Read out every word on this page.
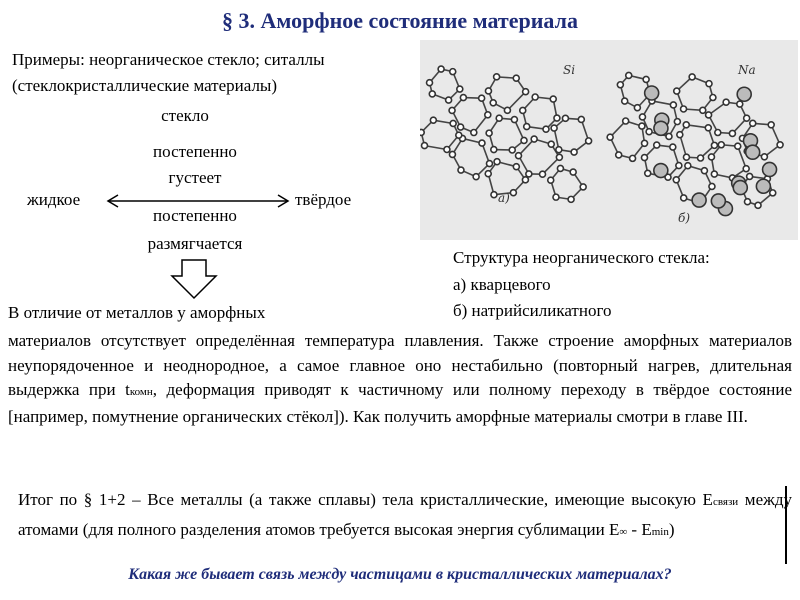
§ 3. Аморфное состояние материала
Примеры: неорганическое стекло; ситаллы
(стеклокристаллические материалы)
стекло
постепенно
густеет
жидкое	твёрдое
постепенно
размягчается
Si	Na
а)
б)
Структура неорганического стекла:
а) кварцевого
б) натрийсиликатного
В отличие от металлов у аморфных
материалов отсутствует определённая температура плавления. Также строение аморфных материалов неупорядоченное и неоднородное, а самое главное оно нестабильно (повторный нагрев, длительная выдержка при tкомн, деформация приводят к частичному или полному переходу в твёрдое состояние [например, помутнение органических стёкол]). Как получить аморфные материалы смотри в главе III.
Итог по § 1+2 – Все металлы (а также сплавы) тела кристаллические, имеющие высокую Eсвязи между атомами (для полного разделения атомов требуется высокая энергия сублимации E∞ - Emin)
Какая же бывает связь между частицами в кристаллических материалах?
